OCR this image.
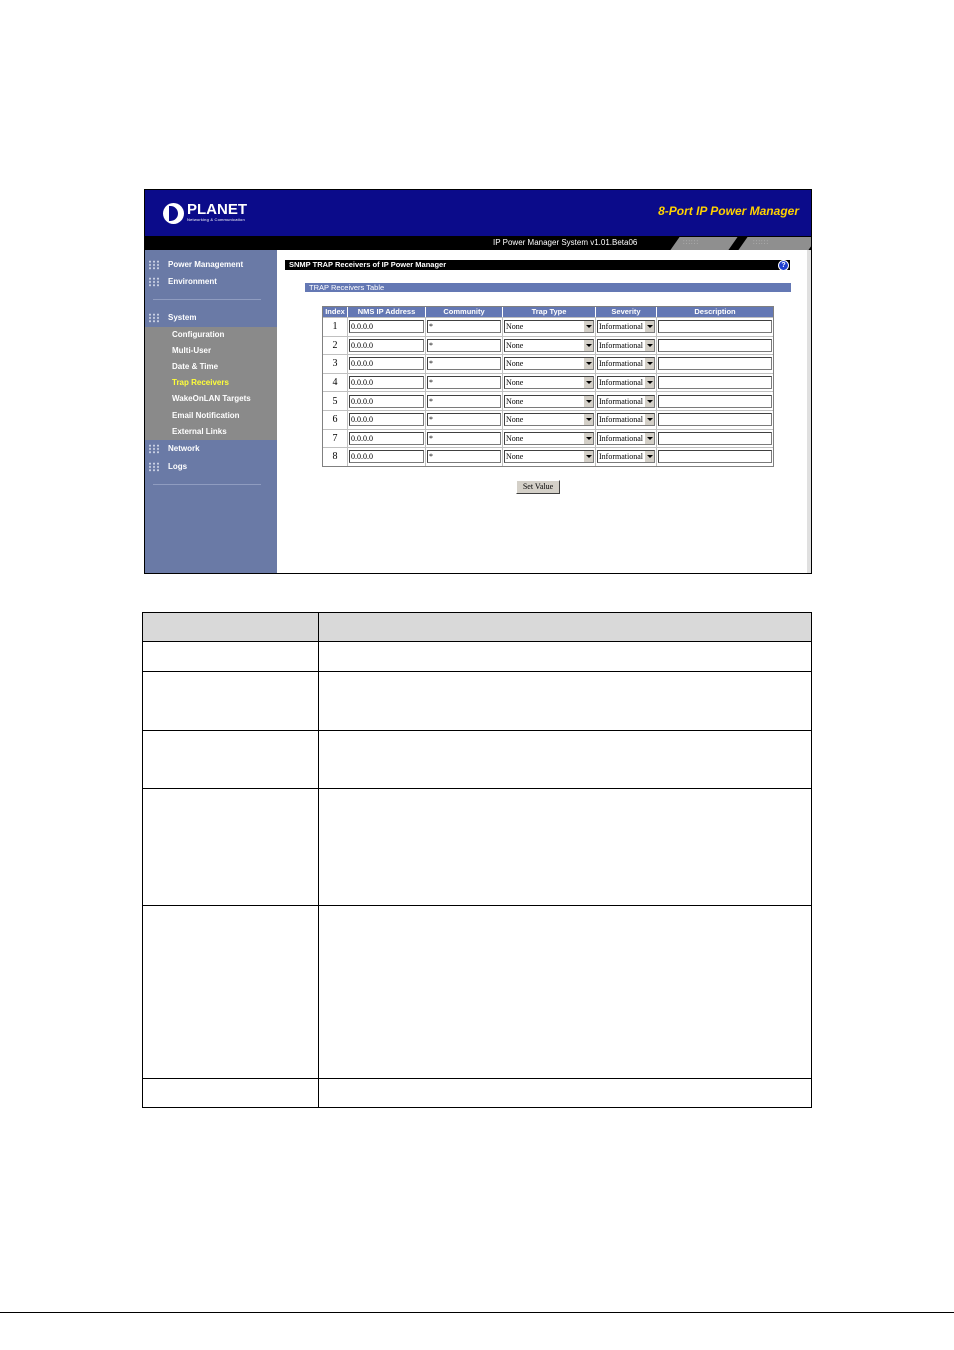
PLANET
Networking & Communication
8-Port IP Power Manager
IP Power Manager System v1.01.Beta06	::::::	::::::
Power Management
Environment
System
Configuration
Multi-User
Date & Time
Trap Receivers
WakeOnLAN Targets
Email Notification
External Links
Network
Logs
SNMP TRAP Receivers of IP Power Manager	?
TRAP Receivers Table
Index	NMS IP Address	Community	Trap Type	Severity	Description
1	0.0.0.0	*	None	Informational
2	0.0.0.0	*	None	Informational
3	0.0.0.0	*	None	Informational
4	0.0.0.0	*	None	Informational
5	0.0.0.0	*	None	Informational
6	0.0.0.0	*	None	Informational
7	0.0.0.0	*	None	Informational
8	0.0.0.0	*	None	Informational
Set Value
